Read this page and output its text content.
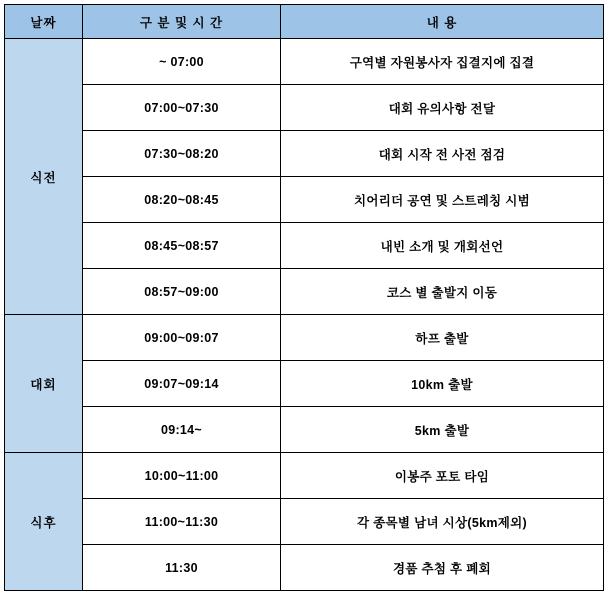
날짜	구 분 및 시 간	내 용
식전	~ 07:00	구역별 자원봉사자 집결지에 집결
	07:00~07:30	대회 유의사항 전달
	07:30~08:20	대회 시작 전 사전 점검
	08:20~08:45	치어리더 공연 및 스트레칭 시범
	08:45~08:57	내빈 소개 및 개회선언
	08:57~09:00	코스 별 출발지 이동
대회	09:00~09:07	하프 출발
	09:07~09:14	10km 출발
	09:14~	5km 출발
식후	10:00~11:00	이봉주 포토 타임
	11:00~11:30	각 종목별 남녀 시상(5km제외)
	11:30	경품 추첨 후 폐회
